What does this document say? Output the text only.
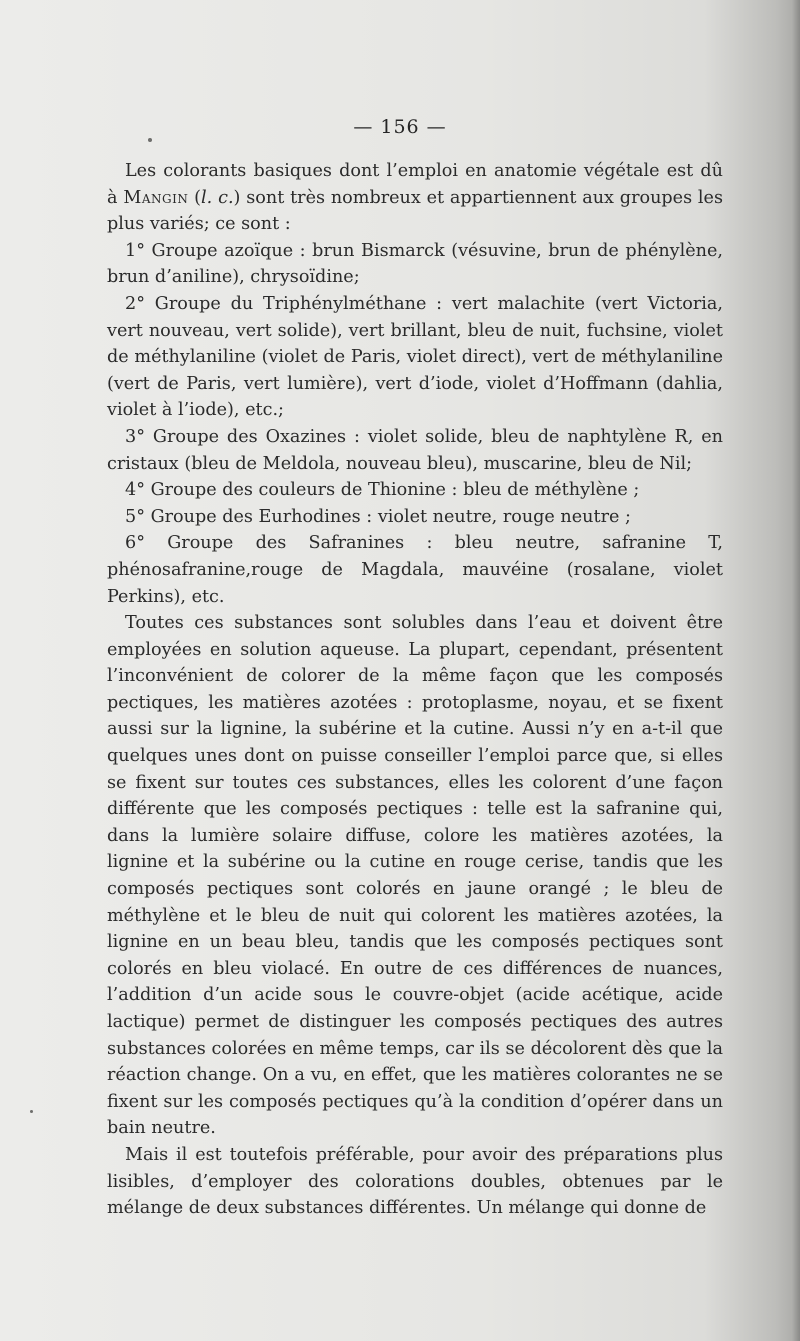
— 156 —

Les colorants basiques dont l’emploi en anatomie végétale est dû à Mangin (l. c.) sont très nombreux et appartiennent aux groupes les plus variés; ce sont :

1° Groupe azoïque : brun Bismarck (vésuvine, brun de phénylène, brun d’aniline), chrysoïdine;

2° Groupe du Triphénylméthane : vert malachite (vert Victoria, vert nouveau, vert solide), vert brillant, bleu de nuit, fuchsine, violet de méthylaniline (violet de Paris, violet direct), vert de méthylaniline (vert de Paris, vert lumière), vert d’iode, violet d’Hoffmann (dahlia, violet à l’iode), etc.;

3° Groupe des Oxazines : violet solide, bleu de naphtylène R, en cristaux (bleu de Meldola, nouveau bleu), muscarine, bleu de Nil;

4° Groupe des couleurs de Thionine : bleu de méthylène ;

5° Groupe des Eurhodines : violet neutre, rouge neutre ;

6° Groupe des Safranines : bleu neutre, safranine T, phénosafranine,rouge de Magdala, mauvéine (rosalane, violet Perkins), etc.

Toutes ces substances sont solubles dans l’eau et doivent être employées en solution aqueuse. La plupart, cependant, présentent l’inconvénient de colorer de la même façon que les composés pectiques, les matières azotées : protoplasme, noyau, et se fixent aussi sur la lignine, la subérine et la cutine. Aussi n’y en a-t-il que quelques unes dont on puisse conseiller l’emploi parce que, si elles se fixent sur toutes ces substances, elles les colorent d’une façon différente que les composés pectiques : telle est la safranine qui, dans la lumière solaire diffuse, colore les matières azotées, la lignine et la subérine ou la cutine en rouge cerise, tandis que les composés pectiques sont colorés en jaune orangé ; le bleu de méthylène et le bleu de nuit qui colorent les matières azotées, la lignine en un beau bleu, tandis que les composés pectiques sont colorés en bleu violacé. En outre de ces différences de nuances, l’addition d’un acide sous le couvre-objet (acide acétique, acide lactique) permet de distinguer les composés pectiques des autres substances colorées en même temps, car ils se décolorent dès que la réaction change. On a vu, en effet, que les matières colorantes ne se fixent sur les composés pectiques qu’à la condition d’opérer dans un bain neutre.

Mais il est toutefois préférable, pour avoir des préparations plus lisibles, d’employer des colorations doubles, obtenues par le mélange de deux substances différentes. Un mélange qui donne de
